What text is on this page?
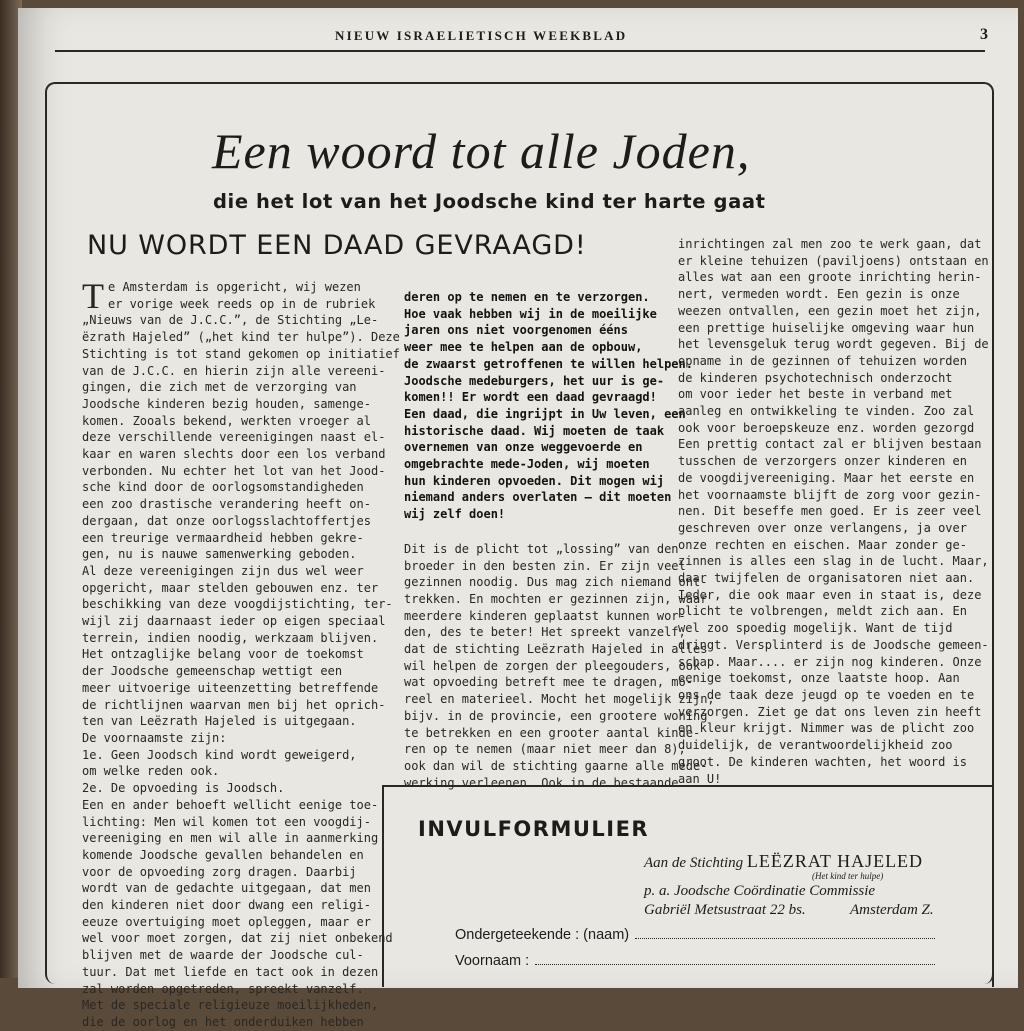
NIEUW ISRAELIETISCH WEEKBLAD	3
Een woord tot alle Joden,
die het lot van het Joodsche kind ter harte gaat
NU WORDT EEN DAAD GEVRAAGD!
T e Amsterdam is opgericht, wij wezen
er vorige week reeds op in de rubriek
„Nieuws van de J.C.C.”, de Stichting „Le-
ëzrath Hajeled” („het kind ter hulpe”). Deze
Stichting is tot stand gekomen op initiatief
van de J.C.C. en hierin zijn alle vereeni-
gingen, die zich met de verzorging van
Joodsche kinderen bezig houden, samenge-
komen. Zooals bekend, werkten vroeger al
deze verschillende vereenigingen naast el-
kaar en waren slechts door een los verband
verbonden. Nu echter het lot van het Jood-
sche kind door de oorlogsomstandigheden
een zoo drastische verandering heeft on-
dergaan, dat onze oorlogsslachtoffertjes
een treurige vermaardheid hebben gekre-
gen, nu is nauwe samenwerking geboden.
Al deze vereenigingen zijn dus wel weer
opgericht, maar stelden gebouwen enz. ter
beschikking van deze voogdijstichting, ter-
wijl zij daarnaast ieder op eigen speciaal
terrein, indien noodig, werkzaam blijven.
Het ontzaglijke belang voor de toekomst
der Joodsche gemeenschap wettigt een
meer uitvoerige uiteenzetting betreffende
de richtlijnen waarvan men bij het oprich-
ten van Leëzrath Hajeled is uitgegaan.
De voornaamste zijn:
1e. Geen Joodsch kind wordt geweigerd,
om welke reden ook.
2e. De opvoeding is Joodsch.
Een en ander behoeft wellicht eenige toe-
lichting: Men wil komen tot een voogdij-
vereeniging en men wil alle in aanmerking
komende Joodsche gevallen behandelen en
voor de opvoeding zorg dragen. Daarbij
wordt van de gedachte uitgegaan, dat men
den kinderen niet door dwang een religi-
eeuze overtuiging moet opleggen, maar er
wel voor moet zorgen, dat zij niet onbekend
blijven met de waarde der Joodsche cul-
tuur. Dat met liefde en tact ook in dezen
zal worden opgetreden, spreekt vanzelf.
Met de speciale religieuze moeilijkheden,
die de oorlog en het onderduiken hebben
deren op te nemen en te verzorgen.
Hoe vaak hebben wij in de moeilijke
jaren ons niet voorgenomen ééns
weer mee te helpen aan de opbouw,
de zwaarst getroffenen te willen helpen.
Joodsche medeburgers, het uur is ge-
komen!! Er wordt een daad gevraagd!
Een daad, die ingrijpt in Uw leven, een
historische daad. Wij moeten de taak
overnemen van onze weggevoerde en
omgebrachte mede-Joden, wij moeten
hun kinderen opvoeden. Dit mogen wij
niemand anders overlaten — dit moeten
wij zelf doen!
Dit is de plicht tot „lossing” van den
broeder in den besten zin. Er zijn veel
gezinnen noodig. Dus mag zich niemand ont-
trekken. En mochten er gezinnen zijn, waar
meerdere kinderen geplaatst kunnen wor-
den, des te beter! Het spreekt vanzelf,
dat de stichting Leëzrath Hajeled in alles
wil helpen de zorgen der pleegouders, ook
wat opvoeding betreft mee te dragen, mo-
reel en materieel. Mocht het mogelijk zijn,
bijv. in de provincie, een grootere woning
te betrekken en een grooter aantal kinde-
ren op te nemen (maar niet meer dan 8),
ook dan wil de stichting gaarne alle mede-
werking verleenen. Ook in de bestaande
inrichtingen zal men zoo te werk gaan, dat
er kleine tehuizen (paviljoens) ontstaan en
alles wat aan een groote inrichting herin-
nert, vermeden wordt. Een gezin is onze
weezen ontvallen, een gezin moet het zijn,
een prettige huiselijke omgeving waar hun
het levensgeluk terug wordt gegeven. Bij de
opname in de gezinnen of tehuizen worden
de kinderen psychotechnisch onderzocht
om voor ieder het beste in verband met
aanleg en ontwikkeling te vinden. Zoo zal
ook voor beroepskeuze enz. worden gezorgd
Een prettig contact zal er blijven bestaan
tusschen de verzorgers onzer kinderen en
de voogdijvereeniging. Maar het eerste en
het voornaamste blijft de zorg voor gezin-
nen. Dit beseffe men goed. Er is zeer veel
geschreven over onze verlangens, ja over
onze rechten en eischen. Maar zonder ge-
zinnen is alles een slag in de lucht. Maar,
daar twijfelen de organisatoren niet aan.
Ieder, die ook maar even in staat is, deze
plicht te volbrengen, meldt zich aan. En
wel zoo spoedig mogelijk. Want de tijd
dringt. Versplinterd is de Joodsche gemeen-
schap. Maar.... er zijn nog kinderen. Onze
eenige toekomst, onze laatste hoop. Aan
ons de taak deze jeugd op te voeden en te
verzorgen. Ziet ge dat ons leven zin heeft
en kleur krijgt. Nimmer was de plicht zoo
duidelijk, de verantwoordelijkheid zoo
groot. De kinderen wachten, het woord is
aan U!
INVULFORMULIER
Aan de Stichting LEËZRAT HAJELED
(Het kind ter hulpe)
p. a. Joodsche Coördinatie Commissie
Gabriël Metsustraat 22 bs.	Amsterdam Z.
Ondergeteekende : (naam)
Voornaam :
